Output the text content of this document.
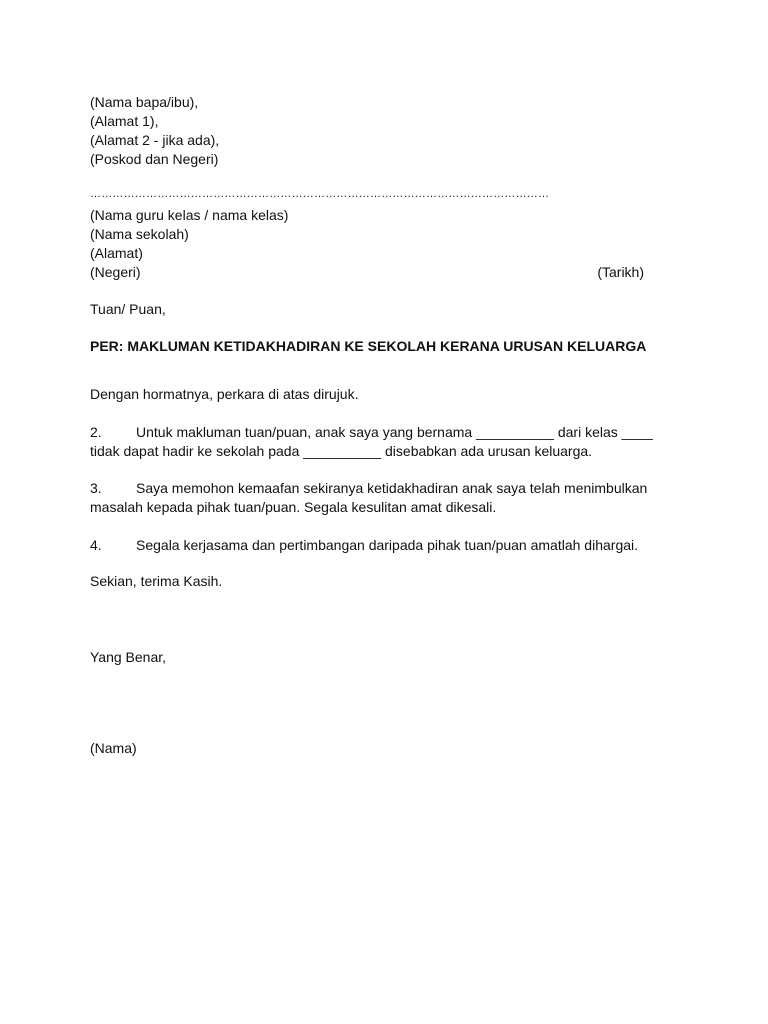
(Nama bapa/ibu),
(Alamat 1),
(Alamat 2 - jika ada),
(Poskod dan Negeri)
……………………………………………………………………………………………………………
(Nama guru kelas / nama kelas)
(Nama sekolah)
(Alamat)
(Negeri)	(Tarikh)
Tuan/ Puan,
PER: MAKLUMAN KETIDAKHADIRAN KE SEKOLAH KERANA URUSAN KELUARGA
Dengan hormatnya, perkara di atas dirujuk.
2. Untuk makluman tuan/puan, anak saya yang bernama __________ dari kelas ____
tidak dapat hadir ke sekolah pada __________ disebabkan ada urusan keluarga.
3. Saya memohon kemaafan sekiranya ketidakhadiran anak saya telah menimbulkan
masalah kepada pihak tuan/puan. Segala kesulitan amat dikesali.
4. Segala kerjasama dan pertimbangan daripada pihak tuan/puan amatlah dihargai.
Sekian, terima Kasih.
Yang Benar,
(Nama)
